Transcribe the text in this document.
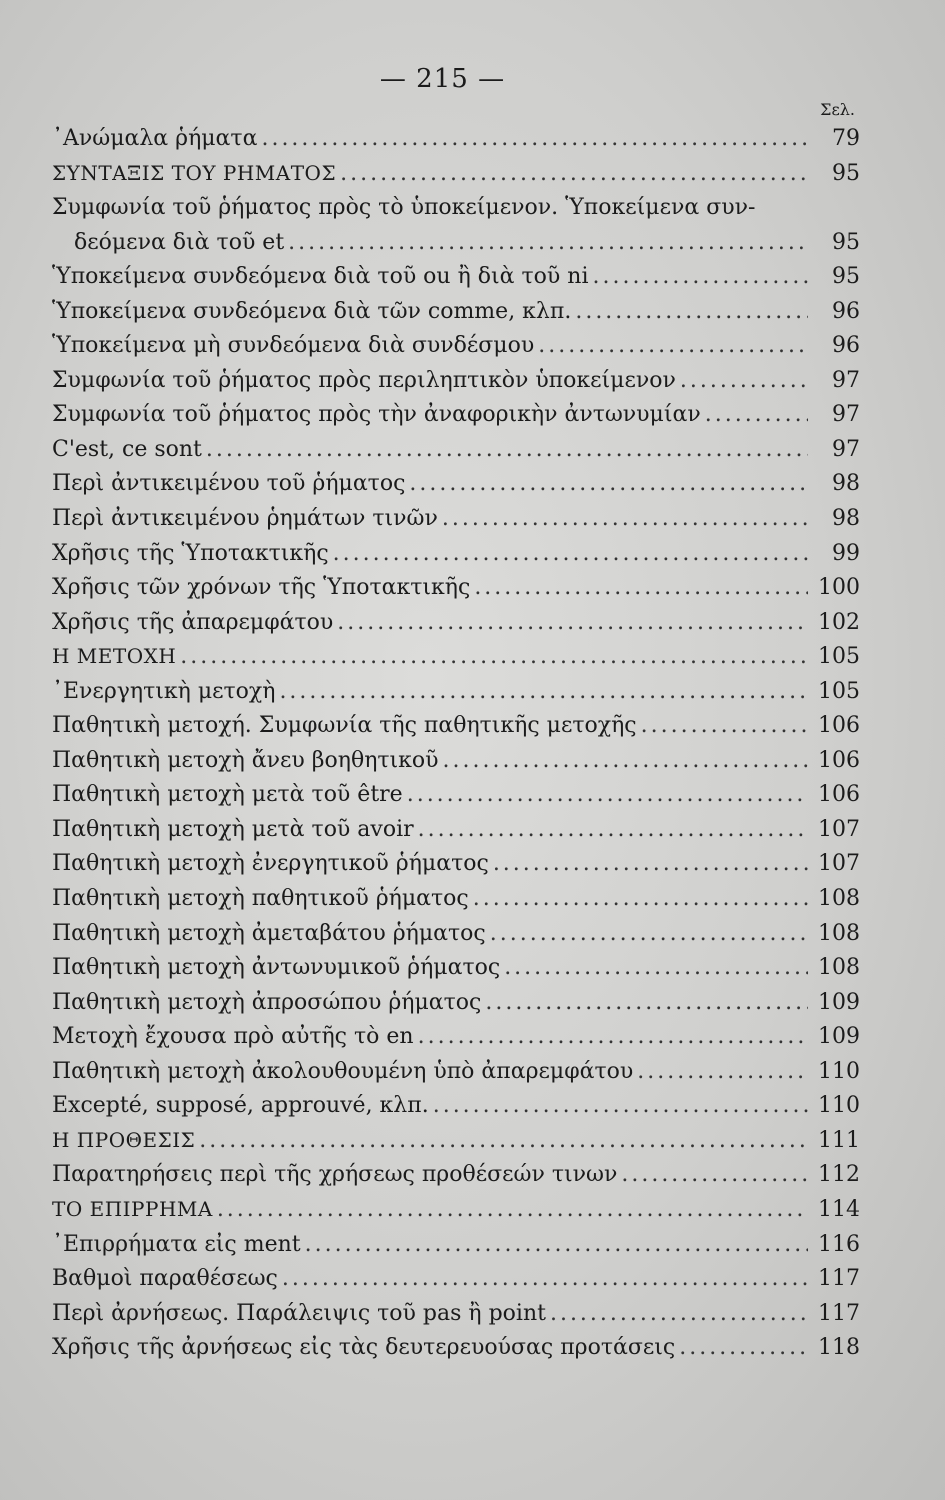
— 215 —
Σελ.
᾿Ανώμαλα ῥήματα .....	79
ΣΥΝΤΑΞΙΣ ΤΟΥ ΡΗΜΑΤΟΣ .....	95
Συμφωνία τοῦ ῥήματος πρὸς τὸ ὑποκείμενον. Ὑποκείμενα συν-
δεόμενα διὰ τοῦ et .....	95
Ὑποκείμενα συνδεόμενα διὰ τοῦ ou ἢ διὰ τοῦ ni .....	95
Ὑποκείμενα συνδεόμενα διὰ τῶν comme, κλπ. .....	96
Ὑποκείμενα μὴ συνδεόμενα διὰ συνδέσμου .....	96
Συμφωνία τοῦ ῥήματος πρὸς περιληπτικὸν ὑποκείμενον .....	97
Συμφωνία τοῦ ῥήματος πρὸς τὴν ἀναφορικὴν ἀντωνυμίαν .....	97
C'est, ce sont .....	97
Περὶ ἀντικειμένου τοῦ ῥήματος .....	98
Περὶ ἀντικειμένου ῥημάτων τινῶν .....	98
Χρῆσις τῆς Ὑποτακτικῆς .....	99
Χρῆσις τῶν χρόνων τῆς Ὑποτακτικῆς .....	100
Χρῆσις τῆς ἀπαρεμφάτου .....	102
Η ΜΕΤΟΧΗ .....	105
᾿Ενεργητικὴ μετοχὴ .....	105
Παθητικὴ μετοχή. Συμφωνία τῆς παθητικῆς μετοχῆς .....	106
Παθητικὴ μετοχὴ ἄνευ βοηθητικοῦ .....	106
Παθητικὴ μετοχὴ μετὰ τοῦ être .....	106
Παθητικὴ μετοχὴ μετὰ τοῦ avoir .....	107
Παθητικὴ μετοχὴ ἐνεργητικοῦ ῥήματος .....	107
Παθητικὴ μετοχὴ παθητικοῦ ῥήματος .....	108
Παθητικὴ μετοχὴ ἀμεταβάτου ῥήματος .....	108
Παθητικὴ μετοχὴ ἀντωνυμικοῦ ῥήματος .....	108
Παθητικὴ μετοχὴ ἀπροσώπου ῥήματος .....	109
Μετοχὴ ἔχουσα πρὸ αὐτῆς τὸ en .....	109
Παθητικὴ μετοχὴ ἀκολουθουμένη ὑπὸ ἀπαρεμφάτου .....	110
Excepté, supposé, approuvé, κλπ. .....	110
Η ΠΡΟΘΕΣΙΣ .....	111
Παρατηρήσεις περὶ τῆς χρήσεως προθέσεών τινων .....	112
ΤΟ ΕΠΙΡΡΗΜΑ .....	114
᾿Επιρρήματα εἰς ment .....	116
Βαθμοὶ παραθέσεως .....	117
Περὶ ἀρνήσεως. Παράλειψις τοῦ pas ἢ point .....	117
Χρῆσις τῆς ἀρνήσεως εἰς τὰς δευτερευούσας προτάσεις .....	118
